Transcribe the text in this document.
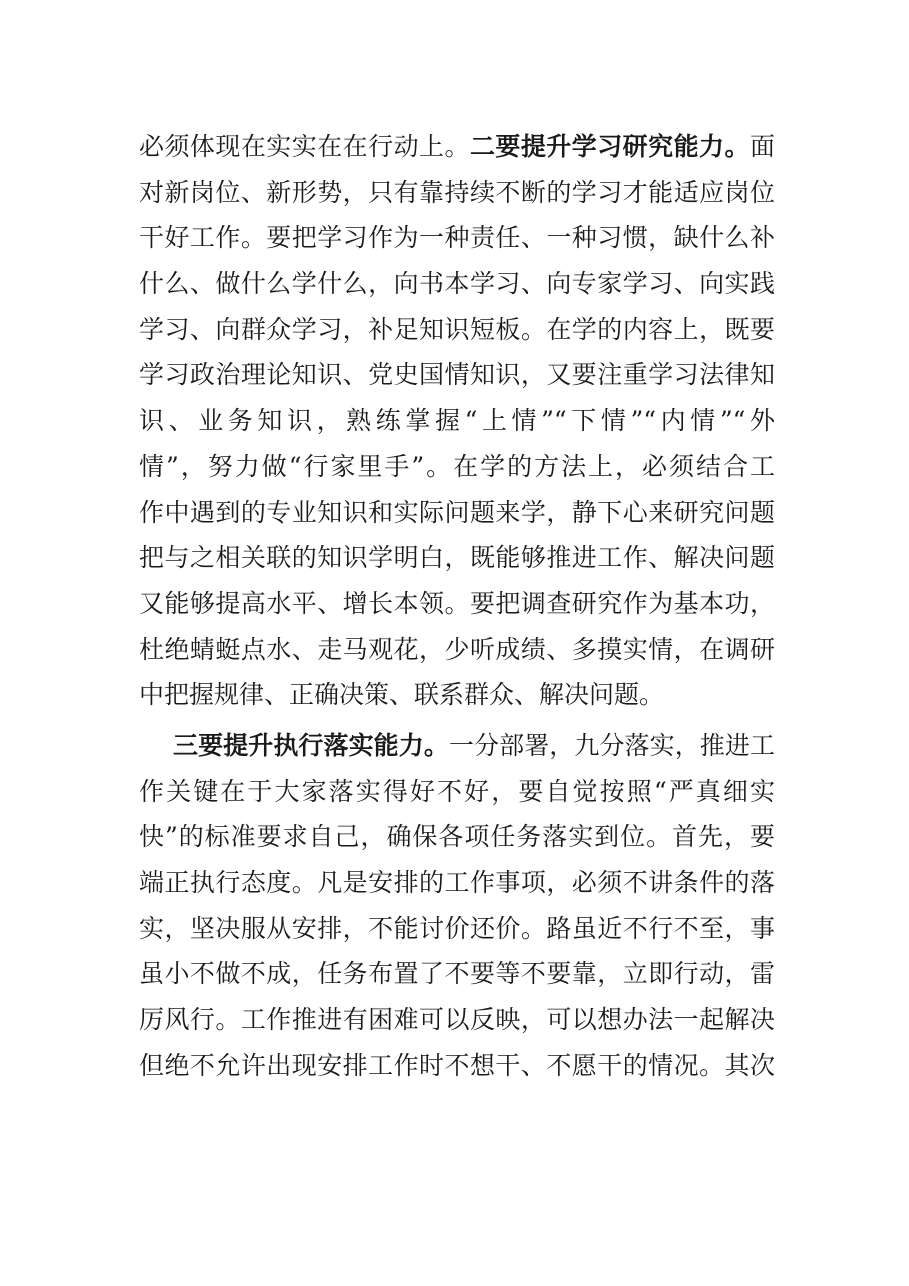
必须体现在实实在在行动上。二要提升学习研究能力。面
对新岗位、新形势，只有靠持续不断的学习才能适应岗位
干好工作。要把学习作为一种责任、一种习惯，缺什么补
什么、做什么学什么，向书本学习、向专家学习、向实践
学习、向群众学习，补足知识短板。在学的内容上，既要
学习政治理论知识、党史国情知识，又要注重学习法律知
识、业务知识，熟练掌握“上情”“下情”“内情”“外
情”，努力做“行家里手”。在学的方法上，必须结合工
作中遇到的专业知识和实际问题来学，静下心来研究问题
把与之相关联的知识学明白，既能够推进工作、解决问题
又能够提高水平、增长本领。要把调查研究作为基本功，
杜绝蜻蜓点水、走马观花，少听成绩、多摸实情，在调研
中把握规律、正确决策、联系群众、解决问题。
三要提升执行落实能力。一分部署，九分落实，推进工
作关键在于大家落实得好不好，要自觉按照“严真细实
快”的标准要求自己，确保各项任务落实到位。首先，要
端正执行态度。凡是安排的工作事项，必须不讲条件的落
实，坚决服从安排，不能讨价还价。路虽近不行不至，事
虽小不做不成，任务布置了不要等不要靠，立即行动，雷
厉风行。工作推进有困难可以反映，可以想办法一起解决
但绝不允许出现安排工作时不想干、不愿干的情况。其次
